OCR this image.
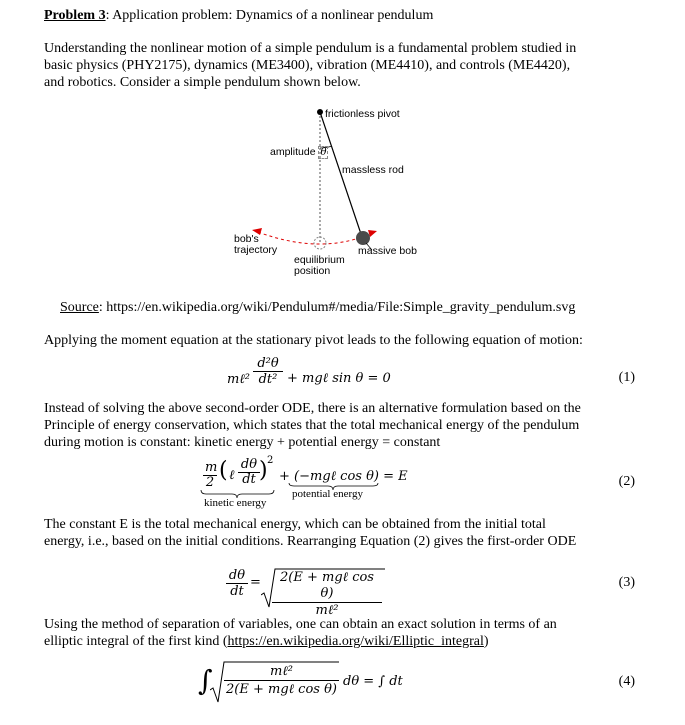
Problem 3: Application problem: Dynamics of a nonlinear pendulum
Understanding the nonlinear motion of a simple pendulum is a fundamental problem studied in
basic physics (PHY2175), dynamics (ME3400), vibration (ME4410), and controls (ME4420),
and robotics. Consider a simple pendulum shown below.
frictionless pivot
amplitude θ
massless rod
bob's
trajectory
equilibrium
position
massive bob
Source: https://en.wikipedia.org/wiki/Pendulum#/media/File:Simple_gravity_pendulum.svg
Applying the moment equation at the stationary pivot leads to the following equation of motion:
mℓ² $\frac{\text{d²θ}}{\text{dt²}}$ + mgℓ sin θ = 0	(1)
Instead of solving the above second-order ODE, there is an alternative formulation based on the
Principle of energy conservation, which states that the total mechanical energy of the pendulum
during motion is constant: kinetic energy + potential energy = constant
$\frac{m}{2}$ ( ℓ $\frac{d\theta}{dt}$ ) 2
kinetic energy
+ (−mgℓ cos θ) = E
potential energy
(2)
The constant E is the total mechanical energy, which can be obtained from the initial total
energy, i.e., based on the initial conditions. Rearranging Equation (2) gives the first-order ODE
$\frac{d\theta}{dt}$ =	2(E + mgℓ cos θ)
mℓ²
(3)
Using the method of separation of variables, one can obtain an exact solution in terms of an
elliptic integral of the first kind (https://en.wikipedia.org/wiki/Elliptic_integral)
∫	mℓ²
2(E + mgℓ cos θ)
dθ = ∫ dt	(4)
